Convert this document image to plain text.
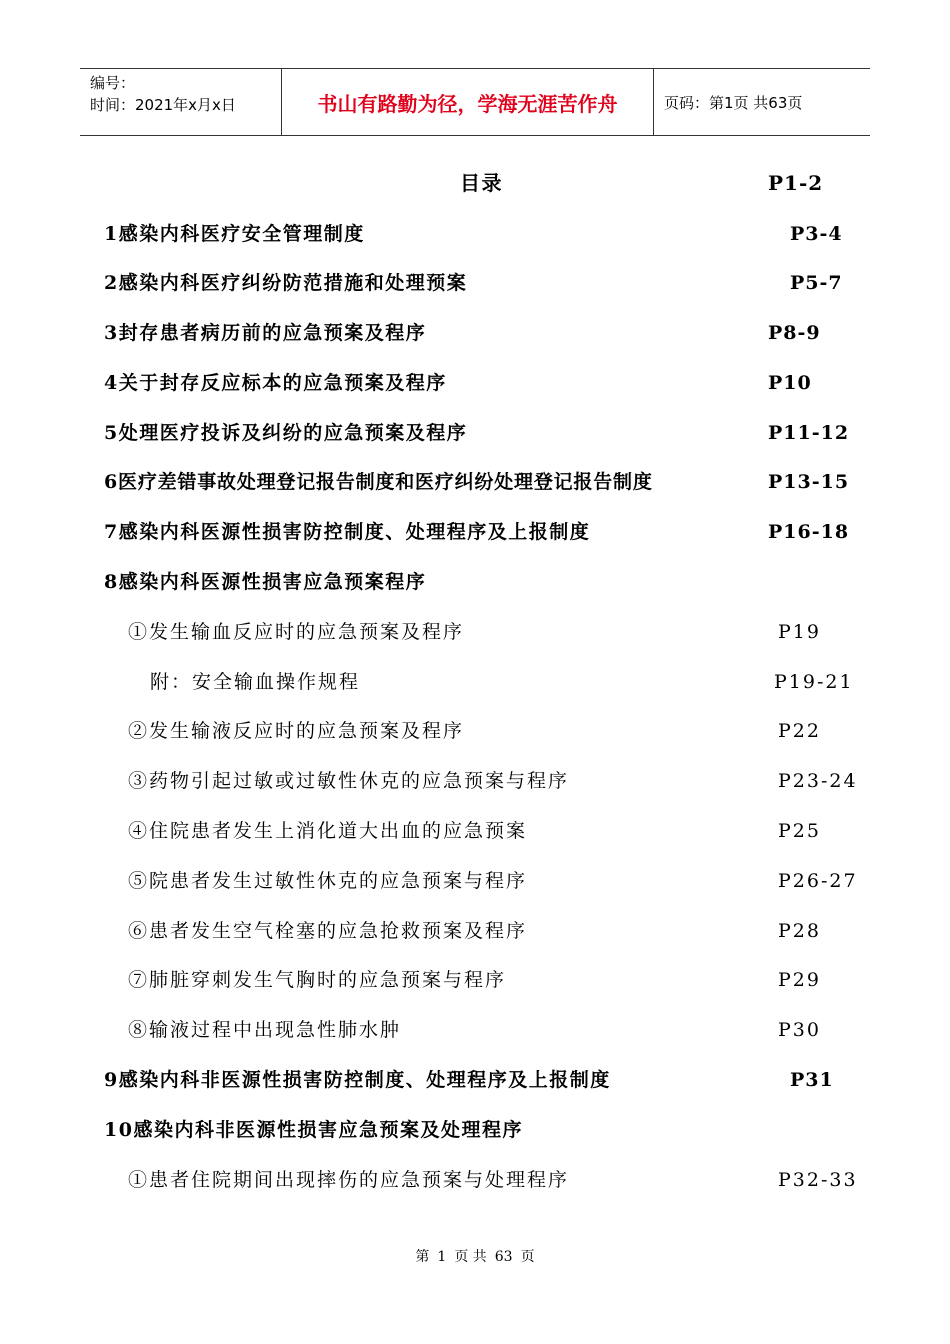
编号：
时间：2021年x月x日	书山有路勤为径，学海无涯苦作舟	页码：第1页 共63页
目录	P1-2
1感染内科医疗安全管理制度	P3-4
2感染内科医疗纠纷防范措施和处理预案	P5-7
3封存患者病历前的应急预案及程序	P8-9
4关于封存反应标本的应急预案及程序	P10
5处理医疗投诉及纠纷的应急预案及程序	P11-12
6医疗差错事故处理登记报告制度和医疗纠纷处理登记报告制度	P13-15
7感染内科医源性损害防控制度、处理程序及上报制度	P16-18
8感染内科医源性损害应急预案程序
①发生输血反应时的应急预案及程序	P19
附：安全输血操作规程	P19-21
②发生输液反应时的应急预案及程序	P22
③药物引起过敏或过敏性休克的应急预案与程序	P23-24
④住院患者发生上消化道大出血的应急预案	P25
⑤院患者发生过敏性休克的应急预案与程序	P26-27
⑥患者发生空气栓塞的应急抢救预案及程序	P28
⑦肺脏穿刺发生气胸时的应急预案与程序	P29
⑧输液过程中出现急性肺水肿	P30
9感染内科非医源性损害防控制度、处理程序及上报制度	P31
10感染内科非医源性损害应急预案及处理程序
①患者住院期间出现摔伤的应急预案与处理程序	P32-33
第 1 页 共 63 页
